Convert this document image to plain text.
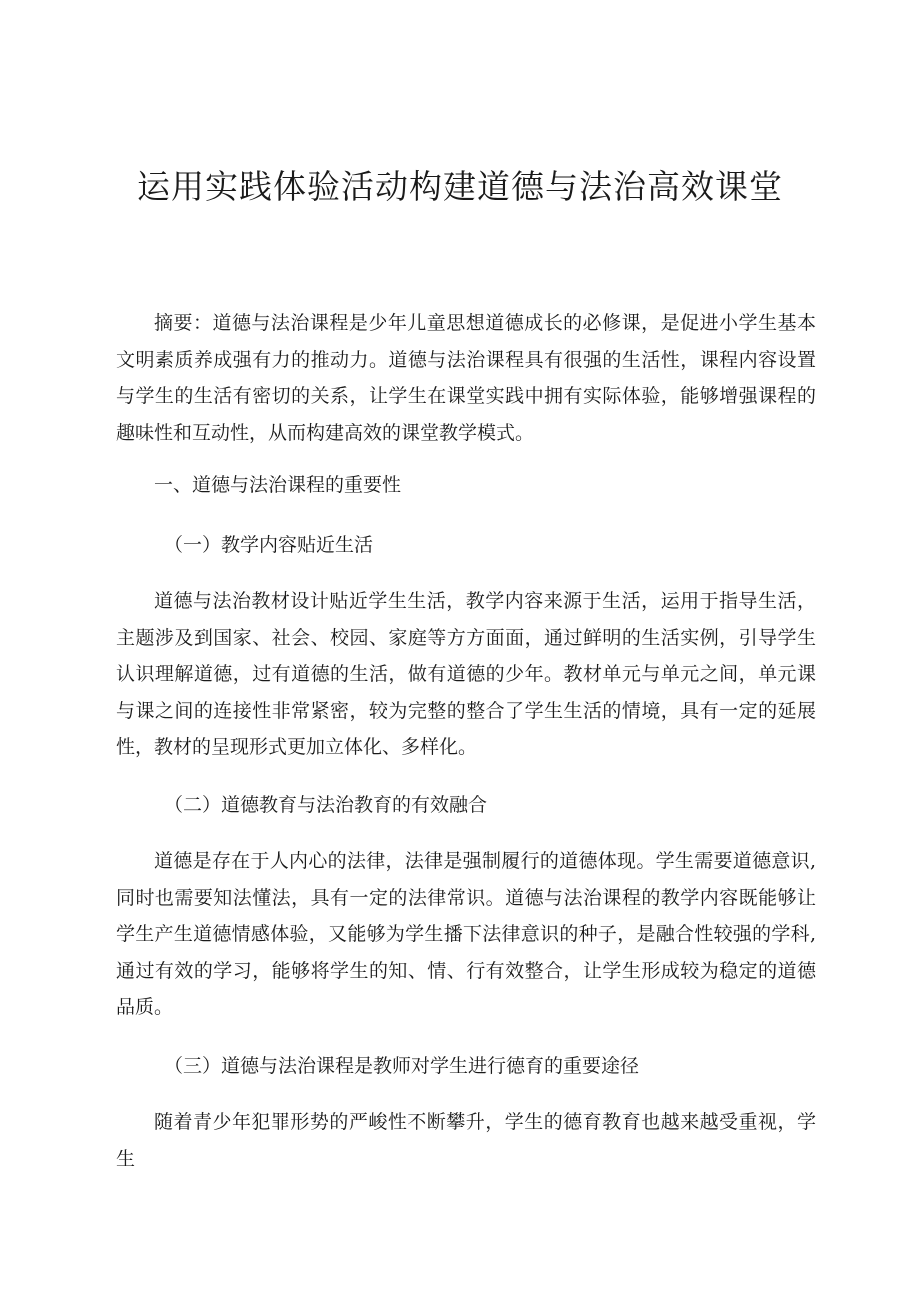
运用实践体验活动构建道德与法治高效课堂

摘要：道德与法治课程是少年儿童思想道德成长的必修课，是促进小学生基本文明素质养成强有力的推动力。道德与法治课程具有很强的生活性，课程内容设置与学生的生活有密切的关系，让学生在课堂实践中拥有实际体验，能够增强课程的趣味性和互动性，从而构建高效的课堂教学模式。

一、道德与法治课程的重要性

（一）教学内容贴近生活

道德与法治教材设计贴近学生生活，教学内容来源于生活，运用于指导生活，主题涉及到国家、社会、校园、家庭等方方面面，通过鲜明的生活实例，引导学生认识理解道德，过有道德的生活，做有道德的少年。教材单元与单元之间，单元课与课之间的连接性非常紧密，较为完整的整合了学生生活的情境，具有一定的延展性，教材的呈现形式更加立体化、多样化。

（二）道德教育与法治教育的有效融合

道德是存在于人内心的法律，法律是强制履行的道德体现。学生需要道德意识,同时也需要知法懂法，具有一定的法律常识。道德与法治课程的教学内容既能够让学生产生道德情感体验，又能够为学生播下法律意识的种子，是融合性较强的学科,通过有效的学习，能够将学生的知、情、行有效整合，让学生形成较为稳定的道德品质。

（三）道德与法治课程是教师对学生进行德育的重要途径

随着青少年犯罪形势的严峻性不断攀升，学生的德育教育也越来越受重视，学生
